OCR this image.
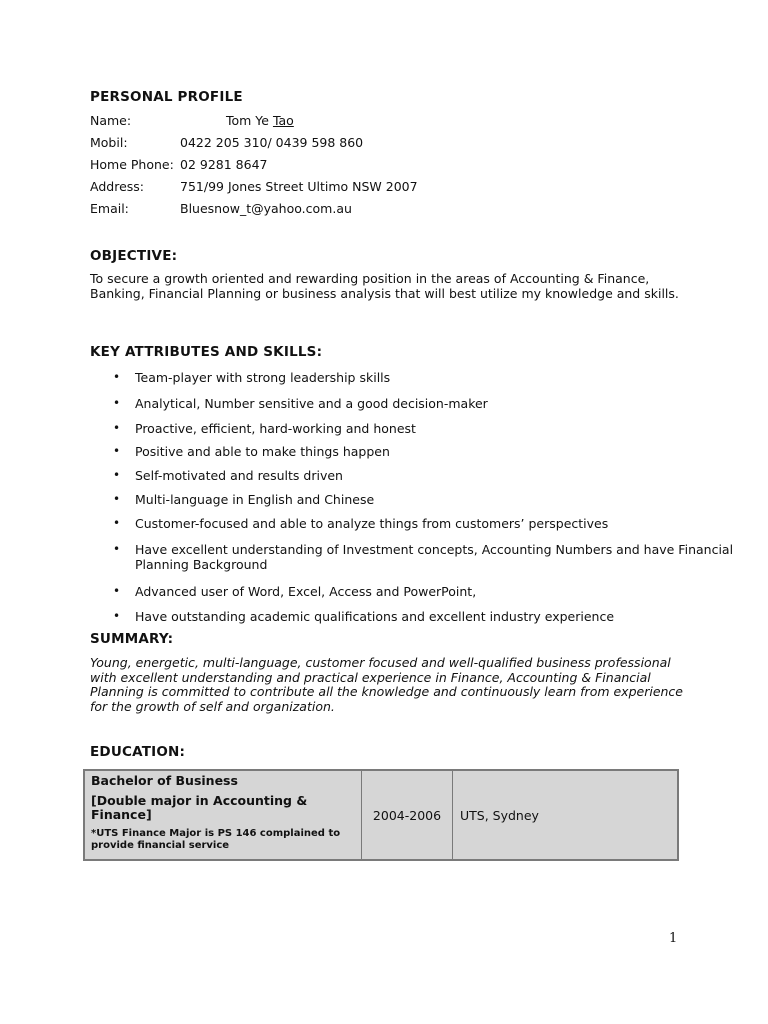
PERSONAL PROFILE
Name:	Tom Ye Tao
Mobil:	0422 205 310/ 0439 598 860
Home Phone: 02 9281 8647
Address:	751/99 Jones Street Ultimo NSW 2007
Email:	Bluesnow_t@yahoo.com.au
OBJECTIVE:

To secure a growth oriented and rewarding position in the areas of Accounting & Finance, Banking, Financial Planning or business analysis that will best utilize my knowledge and skills.

KEY ATTRIBUTES AND SKILLS:
• Team-player with strong leadership skills
• Analytical, Number sensitive and a good decision-maker
• Proactive, efficient, hard-working and honest
• Positive and able to make things happen
• Self-motivated and results driven
• Multi-language in English and Chinese
• Customer-focused and able to analyze things from customers’ perspectives
• Have excellent understanding of Investment concepts, Accounting Numbers and have Financial Planning Background
• Advanced user of Word, Excel, Access and PowerPoint,
• Have outstanding academic qualifications and excellent industry experience
SUMMARY:

Young, energetic, multi-language, customer focused and well-qualified business professional with excellent understanding and practical experience in Finance, Accounting & Financial Planning is committed to contribute all the knowledge and continuously learn from experience for the growth of self and organization.

EDUCATION:

Bachelor of Business

[Double major in Accounting & Finance]

*UTS Finance Major is PS 146 complained to provide financial service

	2004-2006	UTS, Sydney
1
